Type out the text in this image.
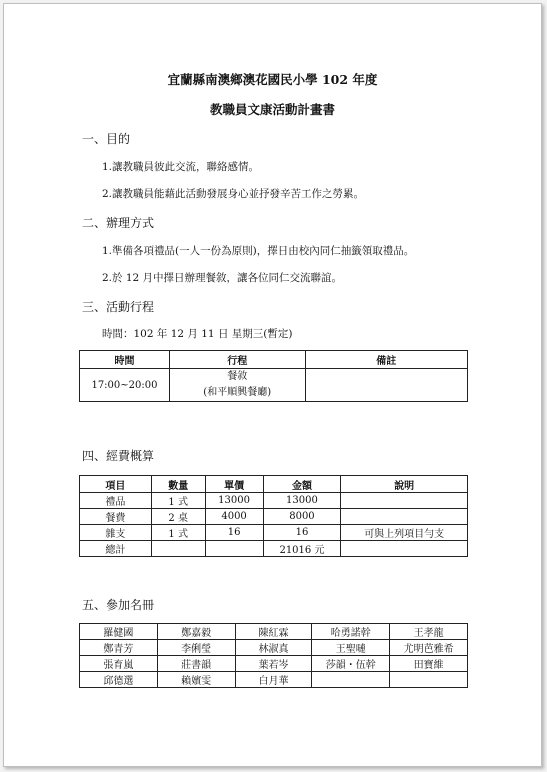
宜蘭縣南澳鄉澳花國民小學 102 年度
教職員文康活動計畫書
一、目的
1.讓教職員彼此交流，聯絡感情。
2.讓教職員能藉此活動發展身心並抒發辛苦工作之勞累。
二、辦理方式
1.準備各項禮品(一人一份為原則)，擇日由校內同仁抽籤領取禮品。
2.於 12 月中擇日辦理餐敘，讓各位同仁交流聯誼。
三、活動行程
時間：102 年 12 月 11 日 星期三(暫定)
時間	行程	備註
17:00~20:00	餐敘
(和平順興餐廳)	

四、經費概算
項目	數量	單價	金額	說明
禮品	1 式	13000	13000	
餐費	2 桌	4000	8000	
雜支	1 式	16	16	可與上列項目勻支
總計			21016 元	
五、參加名冊
羅健國	鄭嘉毅	陳紅霖	哈勇諾幹	王孝龍
鄭青芳	李俐瑩	林淑真	王聖嗹	尤明芭雅希
張育嵐	莊書韻	葉若岑	莎韻・伍幹	田寶維
邱德選	賴嬪雯	白月華		
